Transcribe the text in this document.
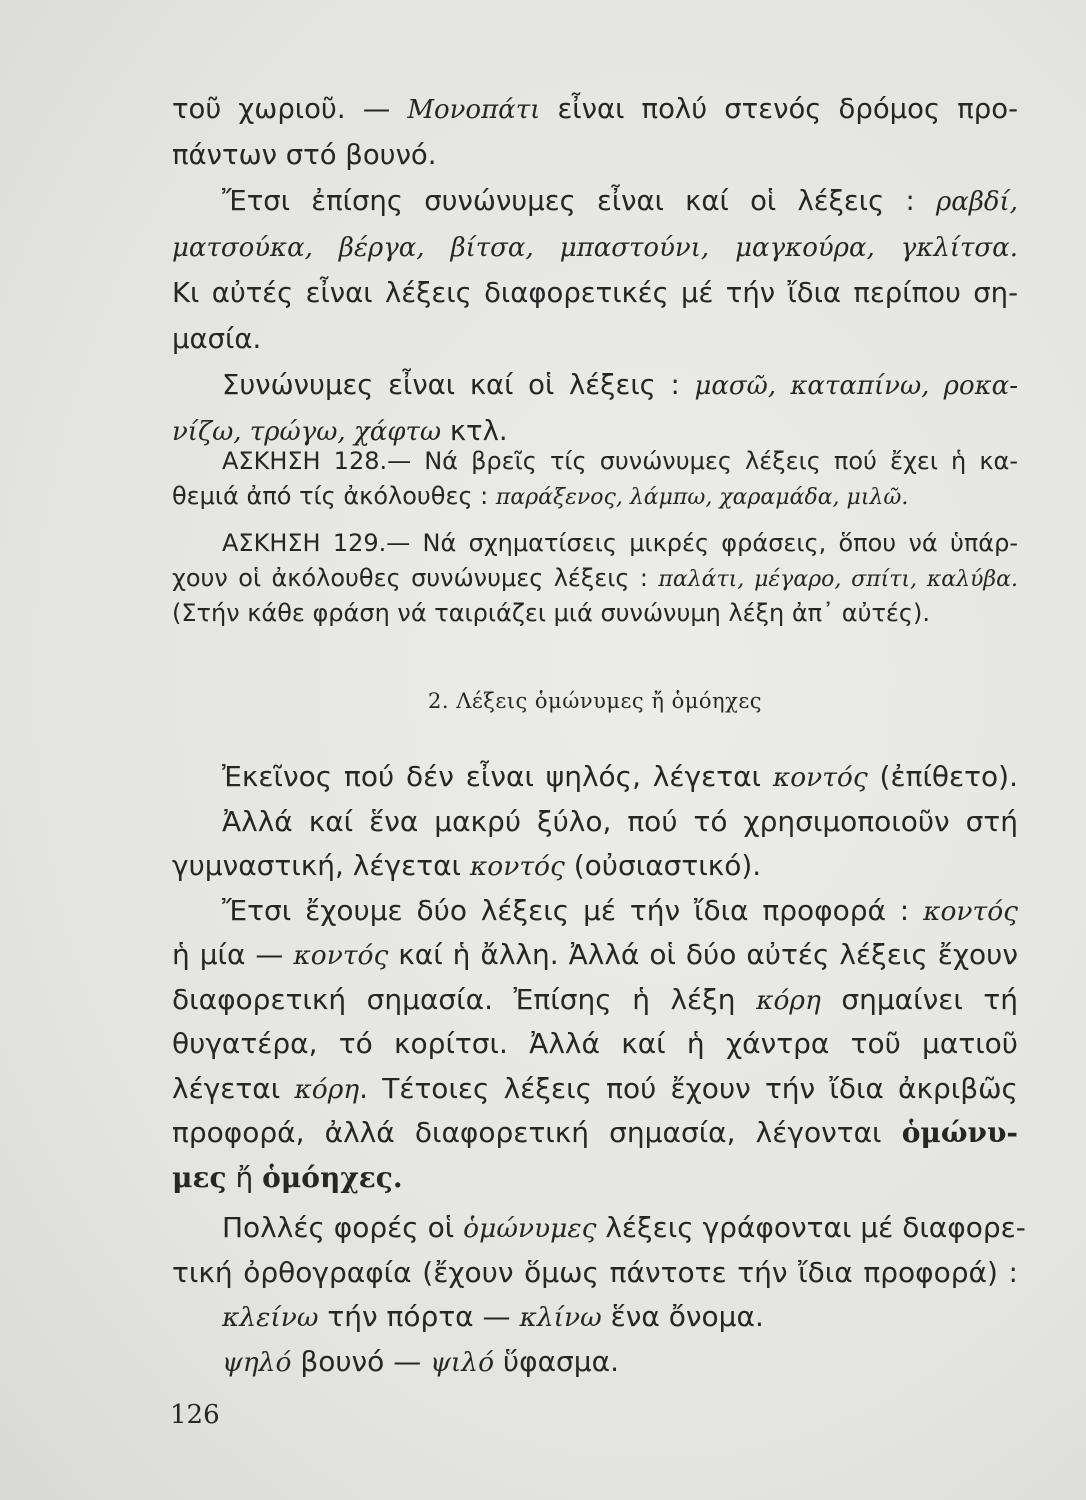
τοῦ χωριοῦ. — Μονοπάτι εἶναι πολύ στενός δρόμος προ-
πάντων στό βουνό.
Ἔτσι ἐπίσης συνώνυμες εἶναι καί οἱ λέξεις : ραβδί,
ματσούκα, βέργα, βίτσα, μπαστούνι, μαγκούρα, γκλίτσα.
Κι αὐτές εἶναι λέξεις διαφορετικές μέ τήν ἴδια περίπου ση-
μασία.
Συνώνυμες εἶναι καί οἱ λέξεις : μασῶ, καταπίνω, ροκα-
νίζω, τρώγω, χάφτω κτλ.
ΑΣΚΗΣΗ 128.— Νά βρεῖς τίς συνώνυμες λέξεις πού ἔχει ἡ κα-
θεμιά ἀπό τίς ἀκόλουθες : παράξενος, λάμπω, χαραμάδα, μιλῶ.
ΑΣΚΗΣΗ 129.— Νά σχηματίσεις μικρές φράσεις, ὅπου νά ὑπάρ-
χουν οἱ ἀκόλουθες συνώνυμες λέξεις : παλάτι, μέγαρο, σπίτι, καλύβα.
(Στήν κάθε φράση νά ταιριάζει μιά συνώνυμη λέξη ἀπ᾿ αὐτές).
2. Λέξεις ὁμώνυμες ἤ ὁμόηχες
Ἐκεῖνος πού δέν εἶναι ψηλός, λέγεται κοντός (ἐπίθετο).
Ἀλλά καί ἕνα μακρύ ξύλο, πού τό χρησιμοποιοῦν στή
γυμναστική, λέγεται κοντός (οὐσιαστικό).
Ἔτσι ἔχουμε δύο λέξεις μέ τήν ἴδια προφορά : κοντός
ἡ μία — κοντός καί ἡ ἄλλη. Ἀλλά οἱ δύο αὐτές λέξεις ἔχουν
διαφορετική σημασία. Ἐπίσης ἡ λέξη κόρη σημαίνει τή
θυγατέρα, τό κορίτσι. Ἀλλά καί ἡ χάντρα τοῦ ματιοῦ
λέγεται κόρη. Τέτοιες λέξεις πού ἔχουν τήν ἴδια ἀκριβῶς
προφορά, ἀλλά διαφορετική σημασία, λέγονται ὁμώνυ-
μες ἤ ὁμόηχες.
Πολλές φορές οἱ ὁμώνυμες λέξεις γράφονται μέ διαφορε-
τική ὀρθογραφία (ἔχουν ὅμως πάντοτε τήν ἴδια προφορά) :
κλείνω τήν πόρτα — κλίνω ἕνα ὄνομα.
ψηλό βουνό — ψιλό ὕφασμα.
126
